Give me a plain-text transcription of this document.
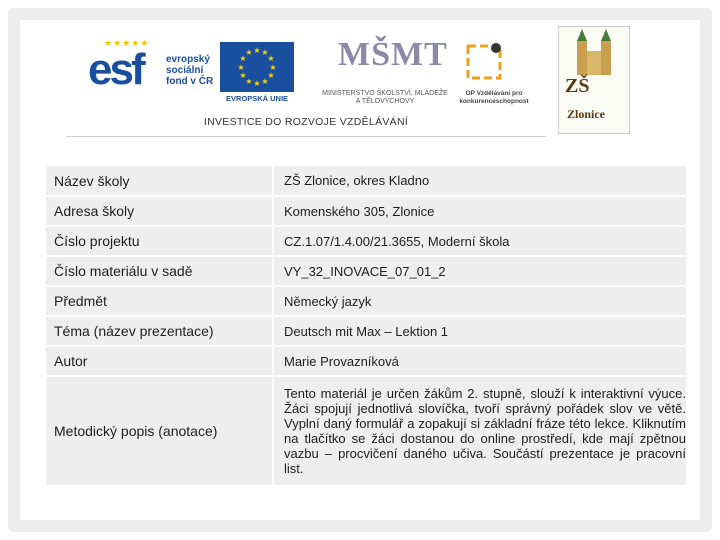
★★★★★
esf	evropský
sociální
fond v ČR
★ ★
★
★
★
★
★
★
★
★
★
★
EVROPSKÁ UNIE
MŠMT
MINISTERSTVO ŠKOLSTVÍ, MLÁDEŽE A TĚLOVÝCHOVY
OP Vzdělávání pro konkurenceschopnost
INVESTICE DO ROZVOJE VZDĚLÁVÁNÍ
ZŠ
Zlonice
Název školy	ZŠ Zlonice, okres Kladno
Adresa školy	Komenského 305, Zlonice
Číslo projektu	CZ.1.07/1.4.00/21.3655, Moderní škola
Číslo materiálu v sadě	VY_32_INOVACE_07_01_2
Předmět	Německý jazyk
Téma (název prezentace)	Deutsch mit Max – Lektion 1
Autor	Marie Provazníková
Metodický popis (anotace)	Tento materiál je určen žákům 2. stupně, slouží k interaktivní výuce. Žáci spojují jednotlivá slovíčka, tvoří správný pořádek slov ve větě. Vyplní daný formulář a zopakují si základní fráze této lekce. Kliknutím na tlačítko se žáci dostanou do online prostředí, kde mají zpětnou vazbu – procvičení daného učiva. Součástí prezentace je pracovní list.
